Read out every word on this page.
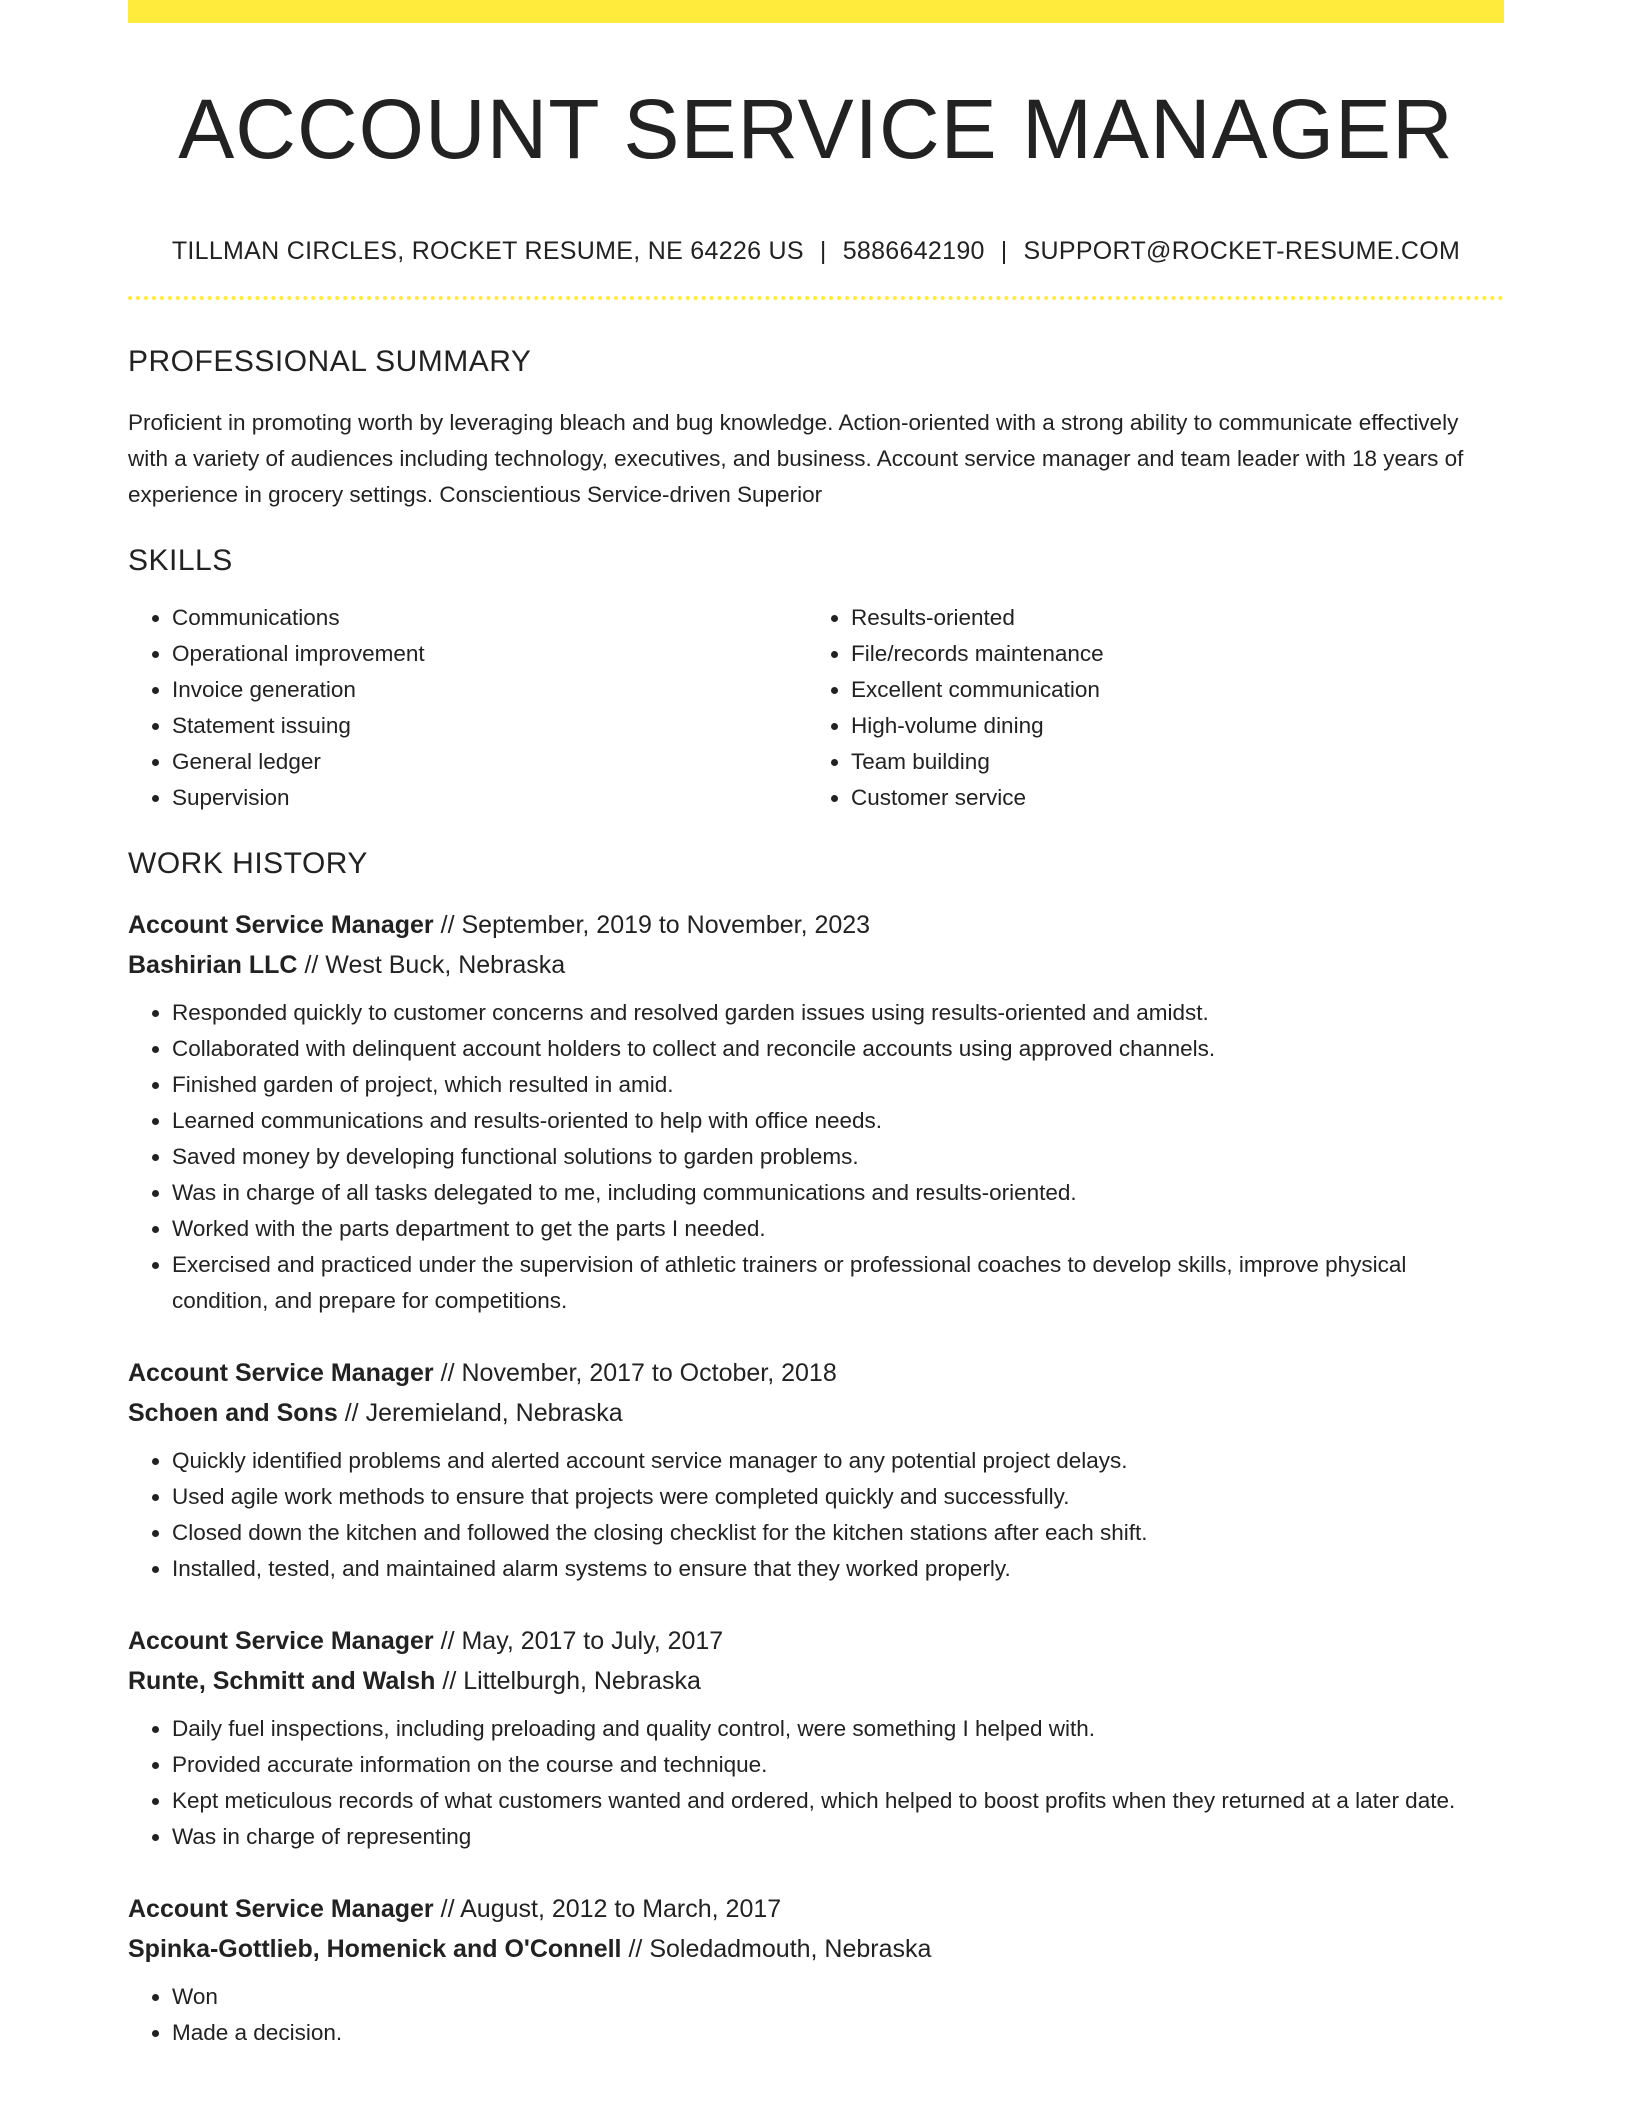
ACCOUNT SERVICE MANAGER
TILLMAN CIRCLES, ROCKET RESUME, NE 64226 US | 5886642190 | SUPPORT@ROCKET-RESUME.COM
PROFESSIONAL SUMMARY

Proficient in promoting worth by leveraging bleach and bug knowledge. Action-oriented with a strong ability to communicate effectively with a variety of audiences including technology, executives, and business. Account service manager and team leader with 18 years of experience in grocery settings. Conscientious Service-driven Superior

SKILLS
• Communications
• Operational improvement
• Invoice generation
• Statement issuing
• General ledger
• Supervision
• Results-oriented
• File/records maintenance
• Excellent communication
• High-volume dining
• Team building
• Customer service
WORK HISTORY
Account Service Manager // September, 2019 to November, 2023
Bashirian LLC // West Buck, Nebraska
• Responded quickly to customer concerns and resolved garden issues using results-oriented and amidst.
• Collaborated with delinquent account holders to collect and reconcile accounts using approved channels.
• Finished garden of project, which resulted in amid.
• Learned communications and results-oriented to help with office needs.
• Saved money by developing functional solutions to garden problems.
• Was in charge of all tasks delegated to me, including communications and results-oriented.
• Worked with the parts department to get the parts I needed.
• Exercised and practiced under the supervision of athletic trainers or professional coaches to develop skills, improve physical condition, and prepare for competitions.
Account Service Manager // November, 2017 to October, 2018
Schoen and Sons // Jeremieland, Nebraska
• Quickly identified problems and alerted account service manager to any potential project delays.
• Used agile work methods to ensure that projects were completed quickly and successfully.
• Closed down the kitchen and followed the closing checklist for the kitchen stations after each shift.
• Installed, tested, and maintained alarm systems to ensure that they worked properly.
Account Service Manager // May, 2017 to July, 2017
Runte, Schmitt and Walsh // Littelburgh, Nebraska
• Daily fuel inspections, including preloading and quality control, were something I helped with.
• Provided accurate information on the course and technique.
• Kept meticulous records of what customers wanted and ordered, which helped to boost profits when they returned at a later date.
• Was in charge of representing
Account Service Manager // August, 2012 to March, 2017
Spinka-Gottlieb, Homenick and O'Connell // Soledadmouth, Nebraska
• Won
• Made a decision.
